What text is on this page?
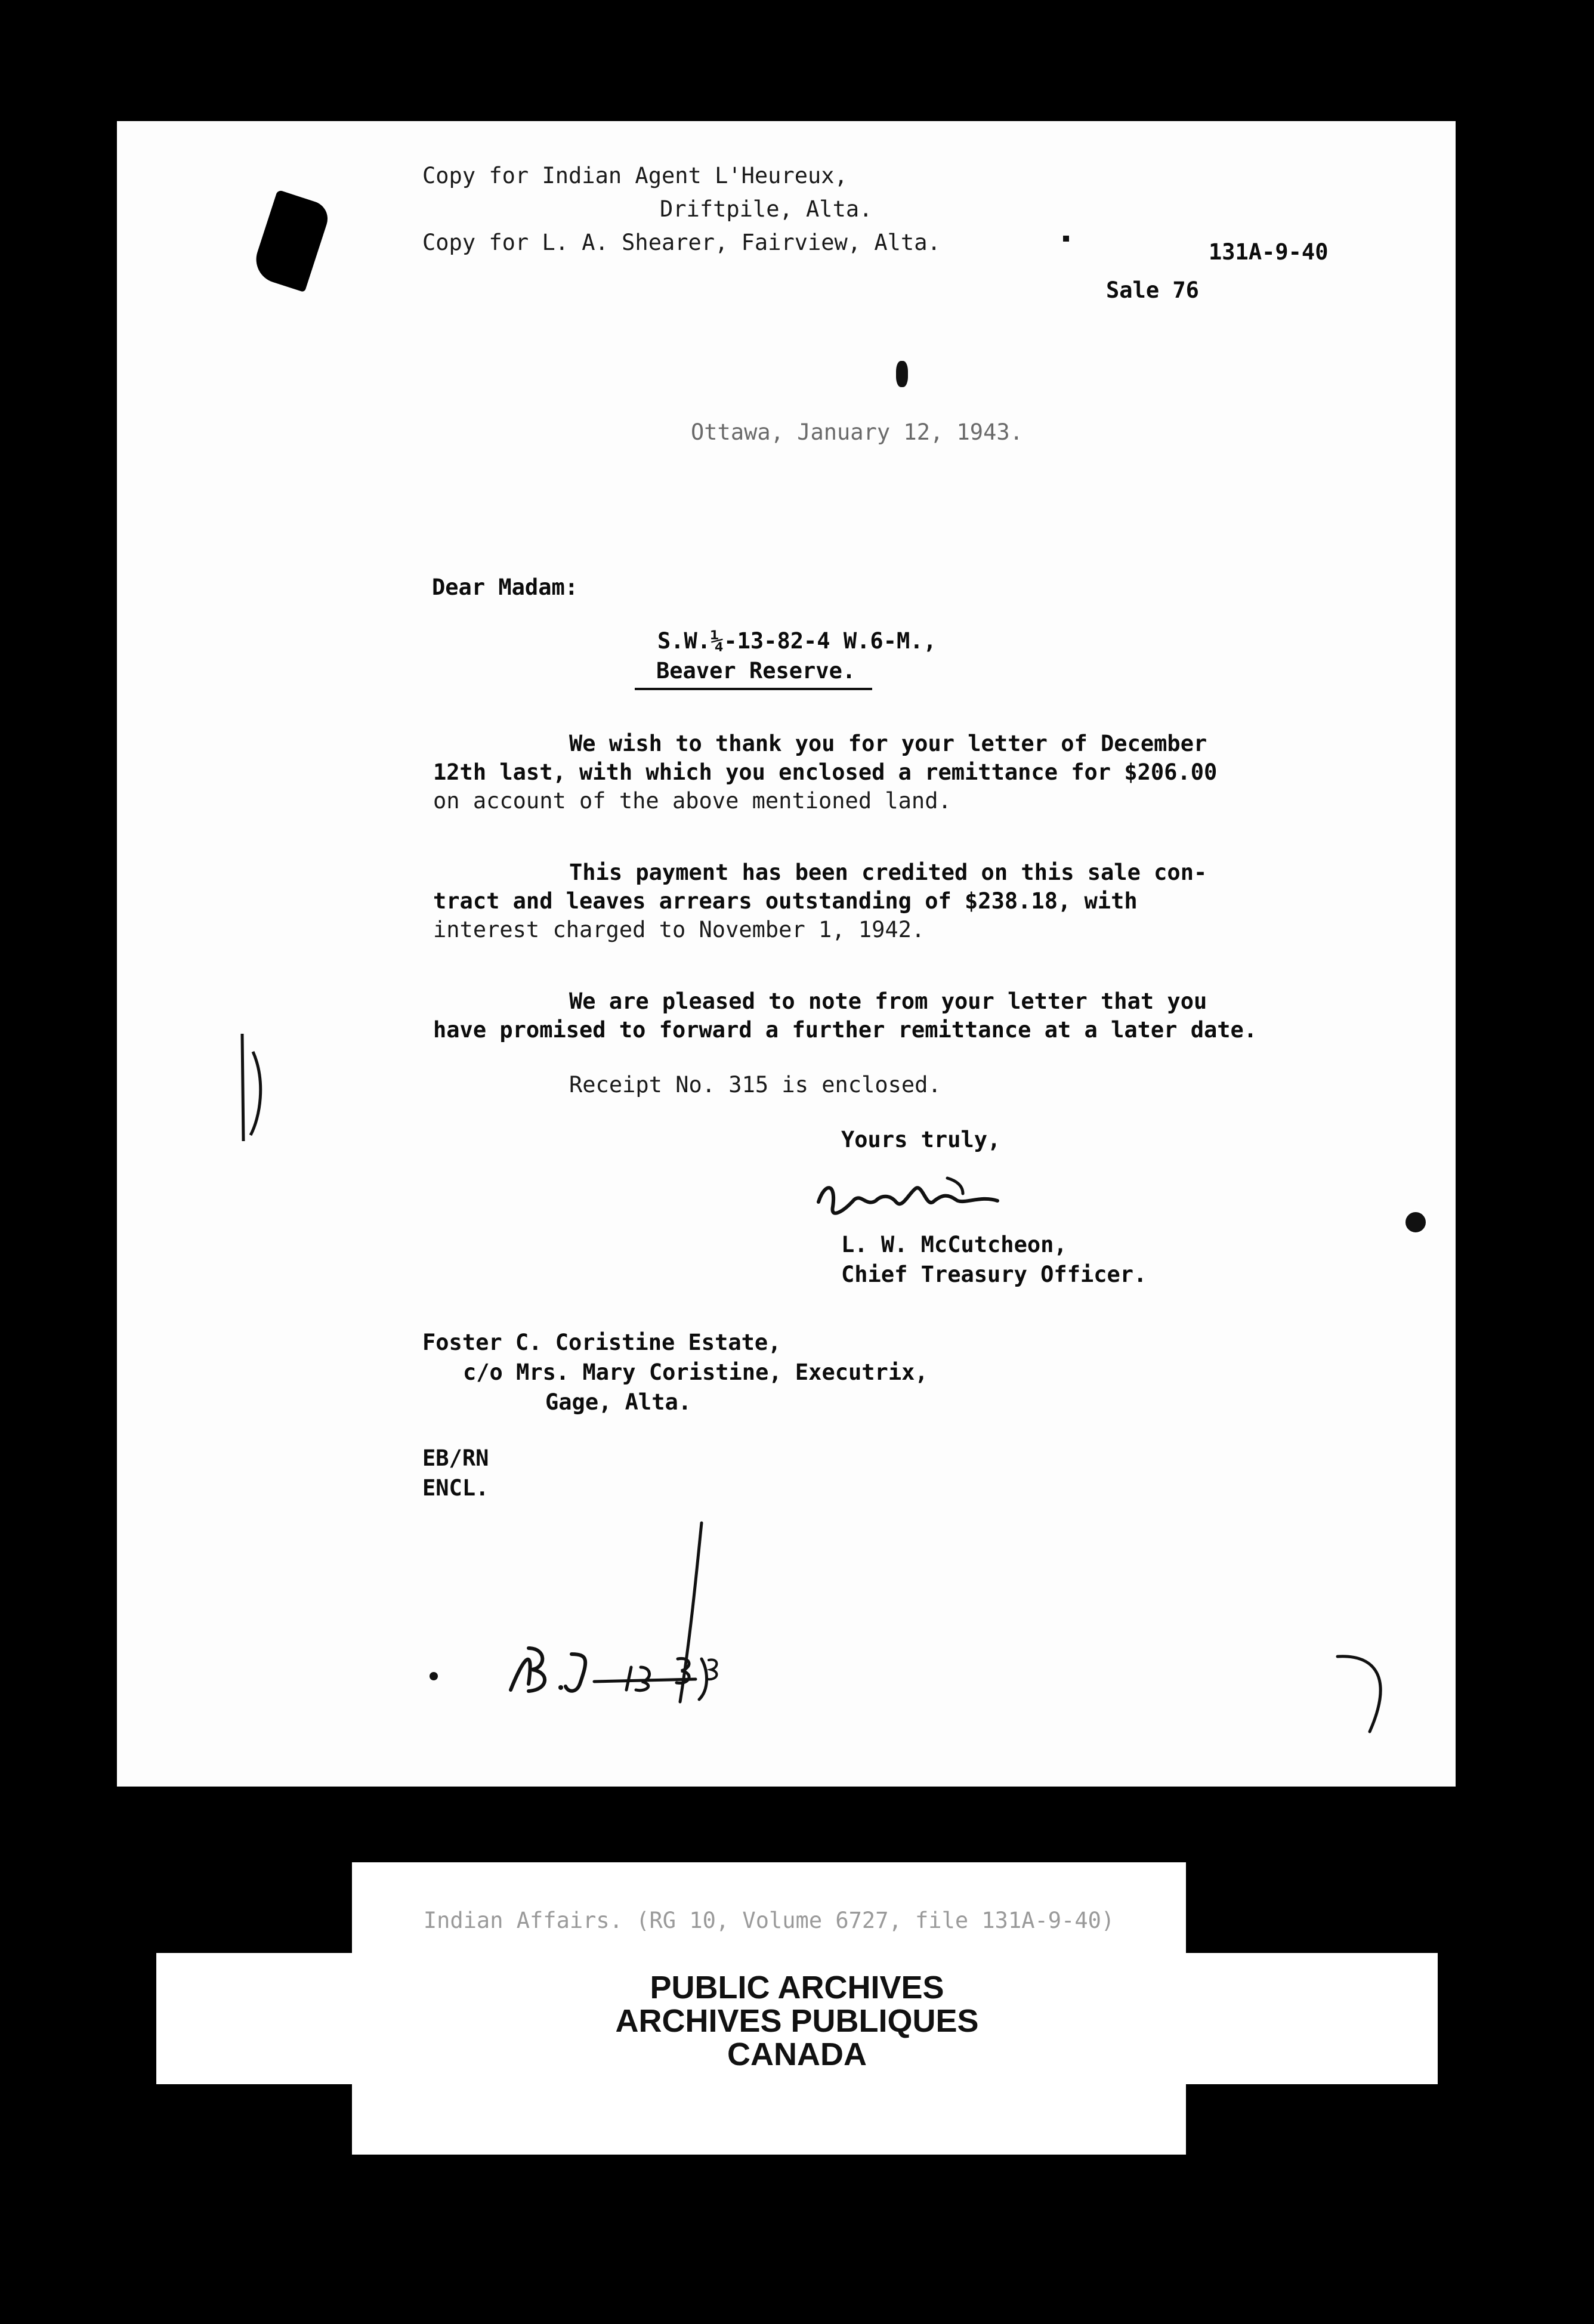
Copy for Indian Agent L'Heureux,
Driftpile, Alta.
Copy for L. A. Shearer, Fairview, Alta.	131A-9-40
Sale 76
Ottawa, January 12, 1943.
Dear Madam:
S.W.¼-13-82-4 W.6-M.,
Beaver Reserve.
We wish to thank you for your letter of December
12th last, with which you enclosed a remittance for $206.00
on account of the above mentioned land.
This payment has been credited on this sale con-
tract and leaves arrears outstanding of $238.18, with
interest charged to November 1, 1942.
We are pleased to note from your letter that you
have promised to forward a further remittance at a later date.
Receipt No. 315 is enclosed.
Yours truly,
L. W. McCutcheon,
Chief Treasury Officer.
Foster C. Coristine Estate,
c/o Mrs. Mary Coristine, Executrix,
Gage, Alta.
EB/RN
ENCL.
Indian Affairs. (RG 10, Volume 6727, file 131A-9-40)
PUBLIC ARCHIVES
ARCHIVES PUBLIQUES
CANADA
